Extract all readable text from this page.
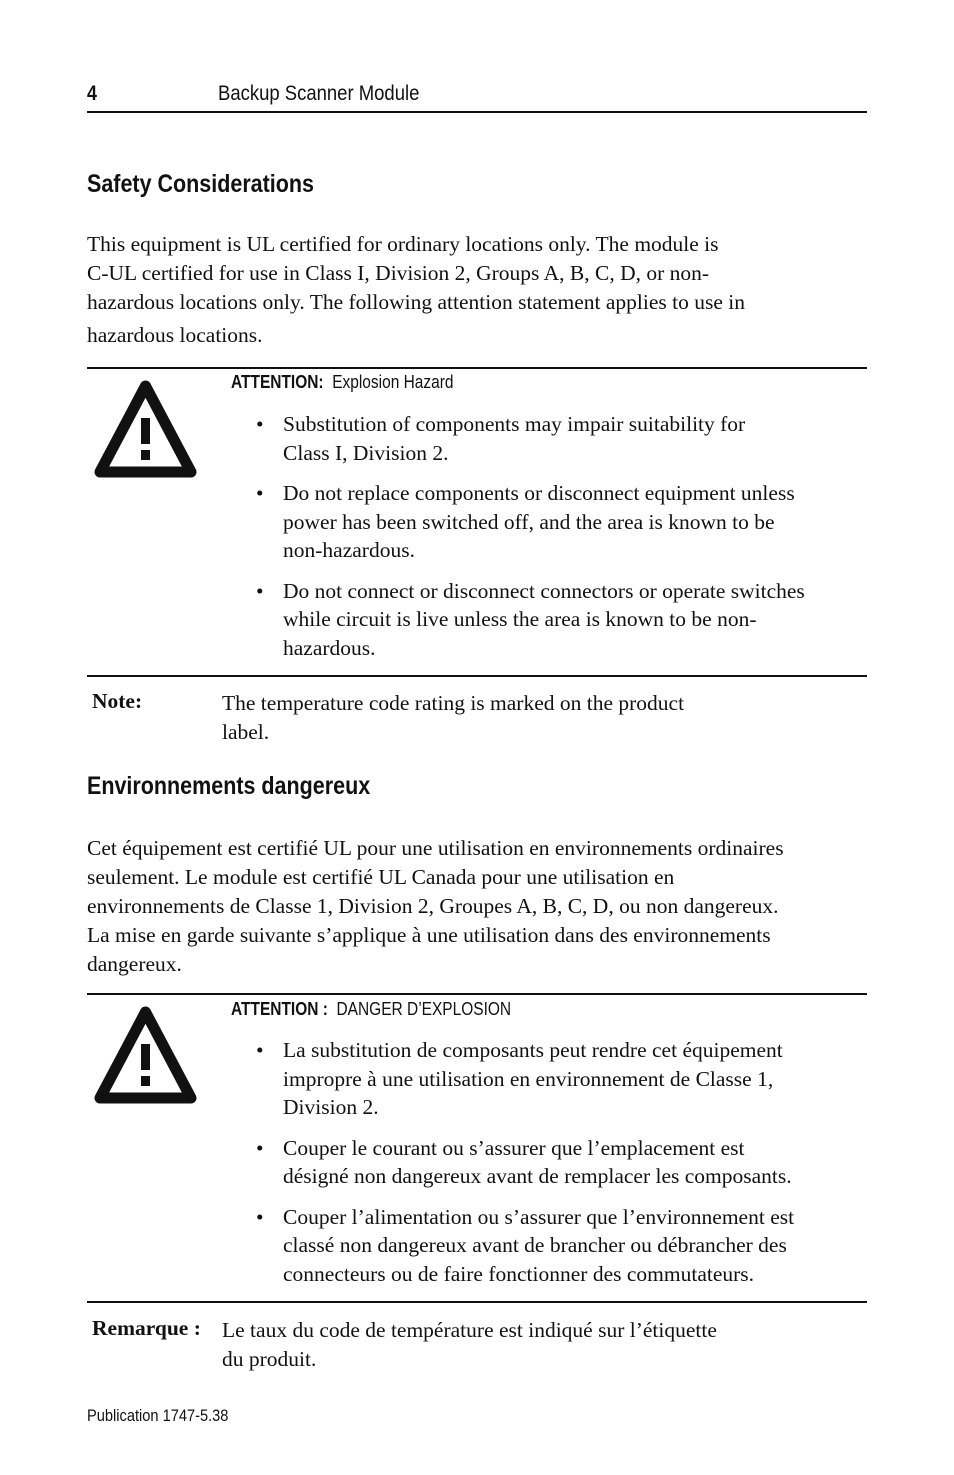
4	Backup Scanner Module
Safety Considerations

This equipment is UL certified for ordinary locations only. The module is

C-UL certified for use in Class I, Division 2, Groups A, B, C, D, or non-

hazardous locations only. The following attention statement applies to use in

hazardous locations.

ATTENTION: Explosion Hazard
• Substitution of components may impair suitability for
Class I, Division 2.
• Do not replace components or disconnect equipment unless
power has been switched off, and the area is known to be
non-hazardous.
• Do not connect or disconnect connectors or operate switches
while circuit is live unless the area is known to be non-
hazardous.
Note:	The temperature code rating is marked on the product
label.
Environnements dangereux

Cet équipement est certifié UL pour une utilisation en environnements ordinaires

seulement. Le module est certifié UL Canada pour une utilisation en

environnements de Classe 1, Division 2, Groupes A, B, C, D, ou non dangereux.

La mise en garde suivante s’applique à une utilisation dans des environnements

dangereux.

ATTENTION : DANGER D’EXPLOSION
• La substitution de composants peut rendre cet équipement
impropre à une utilisation en environnement de Classe 1,
Division 2.
• Couper le courant ou s’assurer que l’emplacement est
désigné non dangereux avant de remplacer les composants.
• Couper l’alimentation ou s’assurer que l’environnement est
classé non dangereux avant de brancher ou débrancher des
connecteurs ou de faire fonctionner des commutateurs.
Remarque : Le taux du code de température est indiqué sur l’étiquette
du produit.
Publication 1747-5.38
